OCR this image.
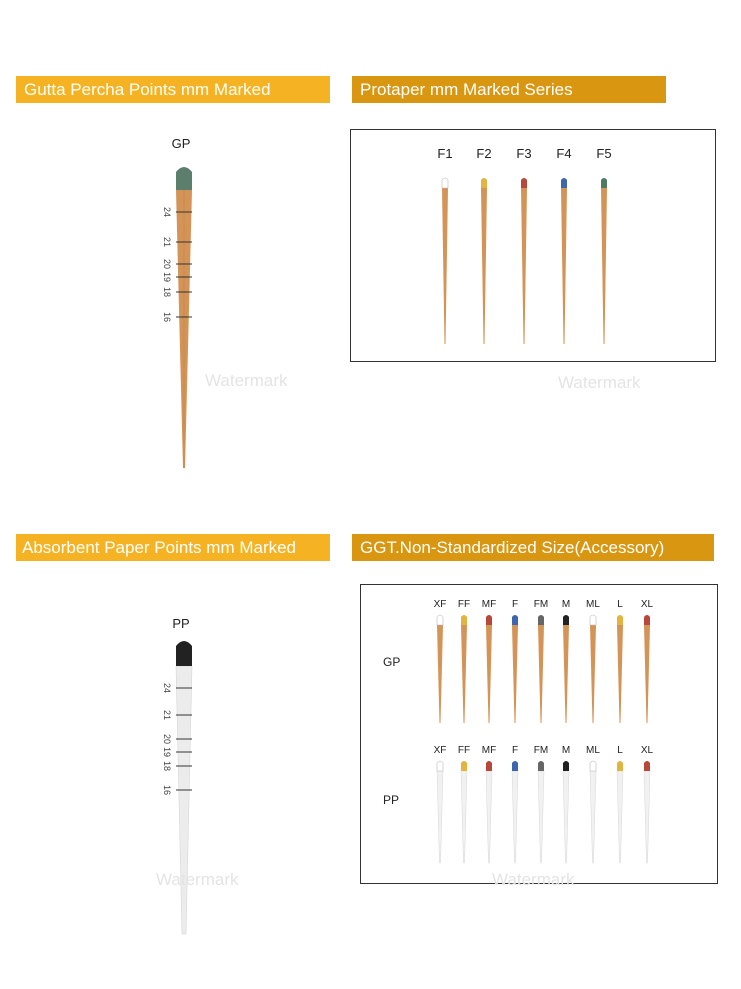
Gutta Percha Points mm Marked	Protaper mm Marked Series
Absorbent Paper Points mm Marked	GGT.Non-Standardized Size(Accessory)
GP
24
21
20
19
18
16
Watermark
F1	F2	F3	F4	F5
Watermark
PP
24
21
20
19
18
16
Watermark
GP
PP
XF
XF
FF
FF
MF
MF
F
F
FM
FM
M
M
ML
ML
L
L
XL
XL
Watermark
